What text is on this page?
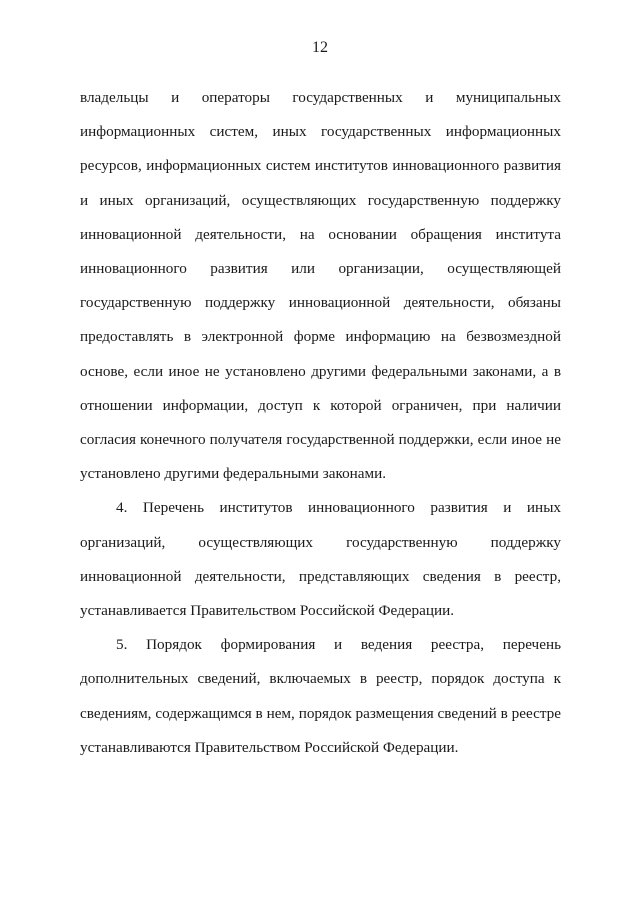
12

владельцы и операторы государственных и муниципальных информационных систем, иных государственных информационных ресурсов, информационных систем институтов инновационного развития и иных организаций, осуществляющих государственную поддержку инновационной деятельности, на основании обращения института инновационного развития или организации, осуществляющей государственную поддержку инновационной деятельности, обязаны предоставлять в электронной форме информацию на безвозмездной основе, если иное не установлено другими федеральными законами, а в отношении информации, доступ к которой ограничен, при наличии согласия конечного получателя государственной поддержки, если иное не установлено другими федеральными законами.

4. Перечень институтов инновационного развития и иных организаций, осуществляющих государственную поддержку инновационной деятельности, представляющих сведения в реестр, устанавливается Правительством Российской Федерации.

5. Порядок формирования и ведения реестра, перечень дополнительных сведений, включаемых в реестр, порядок доступа к сведениям, содержащимся в нем, порядок размещения сведений в реестре устанавливаются Правительством Российской Федерации.
